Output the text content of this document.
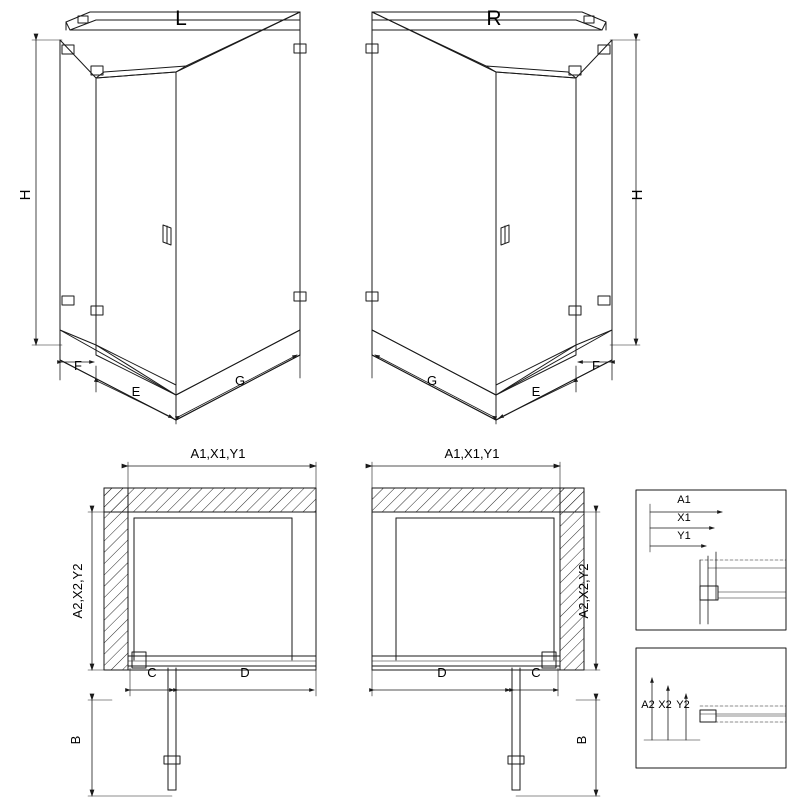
L	R
H	H
F
E
G	G
E
F
A1,X1,Y1	A1,X1,Y1
A2,X2,Y2	A2,X2,Y2
C	D	D	C
B	B
A1
X1
Y1
A2 X2 Y2
